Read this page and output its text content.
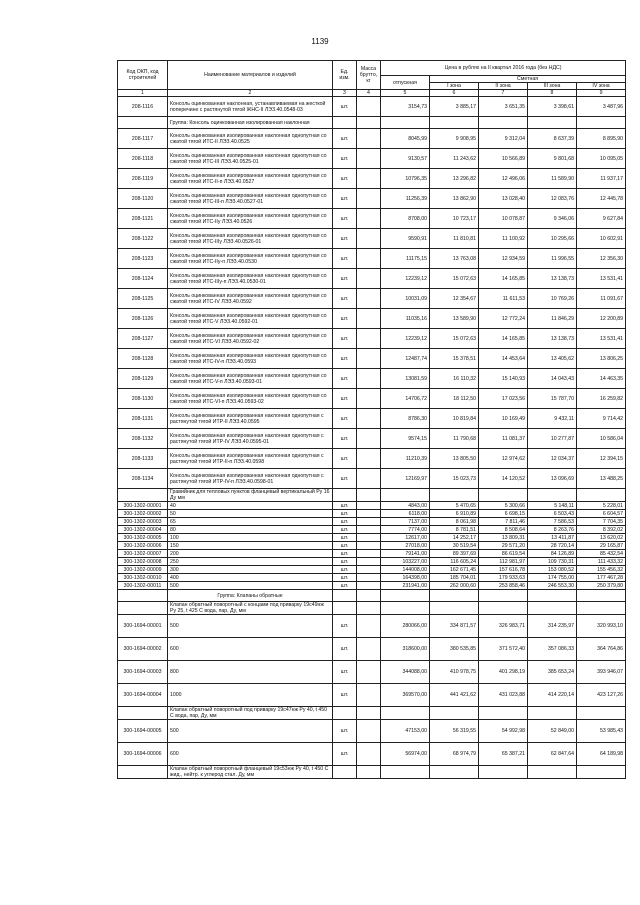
1139
Код ОКП, код строителей	Наименование материалов и изделий	Ед. изм.	Масса брутто, кг	Цена в рублях на II квартал 2016 года (без НДС)				
				отпускная	Сметная			
					I зона	II зона	III зона	IV зона
1	2	3	4	5	6	7	8	9
208-1116	Консоль оцинкованная наклонная, устанавливаемая на жесткой поперечине с растянутой тягой ЖНС-II ЛЭЗ.40.0548-03	шт.		3154,73	3 885,17	3 651,35	3 398,61	3 487,96
	Группа: Консоль оцинкованная изолированная наклонная							
208-1117	Консоль оцинкованная изолированная наклонная однопутная со сжатой тягой ИТС-II ЛЭЗ.40.0525	шт.		8045,99	9 908,95	9 312,04	8 637,39	8 895,90
208-1118	Консоль оцинкованная изолированная наклонная однопутная со сжатой тягой ИТС-III ЛЭЗ.40.0525-01	шт.		9130,57	11 243,62	10 566,89	9 801,68	10 095,05
208-1119	Консоль оцинкованная изолированная наклонная однопутная со сжатой тягой ИТС-II-п ЛЭЗ.40.0527	шт.		10796,35	13 296,82	12 496,06	11 589,90	11 937,17
208-1120	Консоль оцинкованная изолированная наклонная однопутная со сжатой тягой ИТС-III-п ЛЭЗ.40.0527-01	шт.		11256,39	13 862,90	13 028,40	12 083,76	12 445,78
208-1121	Консоль оцинкованная изолированная наклонная однопутная со сжатой тягой ИТС-IIу ЛЭЗ.40.0526	шт.		8708,00	10 723,17	10 078,87	9 346,06	9 627,84
208-1122	Консоль оцинкованная изолированная наклонная однопутная со сжатой тягой ИТС-IIIу ЛЭЗ.40.0526-01	шт.		9590,91	11 810,81	11 100,92	10 295,66	10 602,91
208-1123	Консоль оцинкованная изолированная наклонная однопутная со сжатой тягой ИТС-IIу-п ЛЭЗ.40.0530	шт.		11175,15	13 763,08	12 934,59	11 996,55	12 356,30
208-1124	Консоль оцинкованная изолированная наклонная однопутная со сжатой тягой ИТС-IIIу-п ЛЭЗ.40.0530-01	шт.		12239,12	15 072,63	14 165,85	13 138,73	13 531,41
208-1125	Консоль оцинкованная изолированная наклонная однопутная со сжатой тягой ИТС-IV ЛЭЗ.40.0592	шт.		10031,09	12 354,67	11 611,53	10 769,26	11 091,67
208-1126	Консоль оцинкованная изолированная наклонная однопутная со сжатой тягой ИТС-V ЛЭЗ.40.0592-01	шт.		11035,16	13 589,90	12 772,24	11 846,29	12 200,89
208-1127	Консоль оцинкованная изолированная наклонная однопутная со сжатой тягой ИТС-VI ЛЭЗ.40.0592-02	шт.		12239,12	15 072,63	14 165,85	13 138,73	13 531,41
208-1128	Консоль оцинкованная изолированная наклонная однопутная со сжатой тягой ИТС-IV-п ЛЭЗ.40.0593	шт.		12487,74	15 378,51	14 453,64	13 405,62	13 806,25
208-1129	Консоль оцинкованная изолированная наклонная однопутная со сжатой тягой ИТС-V-п ЛЭЗ.40.0593-01	шт.		13081,59	16 110,32	15 140,93	14 043,43	14 463,35
208-1130	Консоль оцинкованная изолированная наклонная однопутная со сжатой тягой ИТС-VI-п ЛЭЗ.40.0593-02	шт.		14706,72	18 112,50	17 023,56	15 787,70	16 259,82
208-1131	Консоль оцинкованная изолированная наклонная однопутная с растянутой тягой ИТР-II ЛЭЗ.40.0595	шт.		8786,30	10 819,84	10 169,49	9 432,11	9 714,42
208-1132	Консоль оцинкованная изолированная наклонная однопутная с растянутой тягой ИТР-IV ЛЭЗ.40.0595-01	шт.		9574,15	11 790,68	11 081,37	10 277,87	10 586,04
208-1133	Консоль оцинкованная изолированная наклонная однопутная с растянутой тягой ИТР-II-п ЛЭЗ.40.0598	шт.		11210,39	13 805,50	12 974,62	12 034,37	12 394,15
208-1134	Консоль оцинкованная изолированная наклонная однопутная с растянутой тягой ИТР-IV-п ЛЭЗ.40.0598-01	шт.		12169,97	15 023,73	14 120,52	13 096,69	13 488,25
	Гравийник для тепловых пунктов фланцевый вертикальный Ру 16 Ду мм							
300-1302-00001	40	шт.		4843,00	5 470,65	5 300,66	5 148,11	5 228,01
300-1302-00002	50	шт.		6118,00	6 910,89	6 698,15	6 503,43	6 604,57
300-1302-00003	65	шт.		7137,00	8 061,98	7 811,46	7 586,53	7 704,35
300-1302-00004	80	шт.		7774,00	8 781,51	8 508,64	8 263,76	8 392,02
300-1302-00005	100	шт.		12617,00	14 252,17	13 809,31	13 411,87	13 620,02
300-1302-00006	150	шт.		27018,00	30 519,54	29 571,20	28 720,14	29 165,87
300-1302-00007	200	шт.		79141,00	89 397,69	86 619,54	84 126,89	85 432,54
300-1302-00008	250	шт.		103227,00	116 605,24	112 981,97	109 730,31	111 433,32
300-1302-00009	300	шт.		144008,00	162 671,45	157 616,78	153 080,52	155 456,32
300-1302-00010	400	шт.		164398,00	185 704,01	179 933,63	174 755,00	177 467,28
300-1302-00011	500	шт.		231941,00	262 000,60	253 858,46	246 553,30	250 379,80
	Группа: Клапаны обратные							
	Клапан обратный поворотный с концами под приварку 19с49нж Ру 25, t 425 С вода, пар, Ду, мм							
300-1694-00001	500	шт.		280066,00	334 871,57	326 983,71	314 235,97	320 993,10
300-1694-00002	600	шт.		318600,00	380 535,85	371 572,40	357 086,33	364 764,86
300-1694-00003	800	шт.		344088,00	410 978,75	401 298,19	385 653,24	393 946,07
300-1694-00004	1000	шт.		369570,00	441 421,62	431 023,88	414 220,14	423 127,26
	Клапан обратный поворотный под приварку 19с47нж Ру 40, t 450 С вода, пар, Ду, мм							
300-1694-00005	500	шт.		47153,00	56 319,55	54 992,98	52 849,00	53 985,43
300-1694-00006	600	шт.		56974,00	68 974,79	65 387,21	62 847,64	64 189,98
	Клапан обратный поворотный фланцевый 19с53нж Ру 40, t 450 С жид., нейтр. к углерод стал. Ду, мм							
